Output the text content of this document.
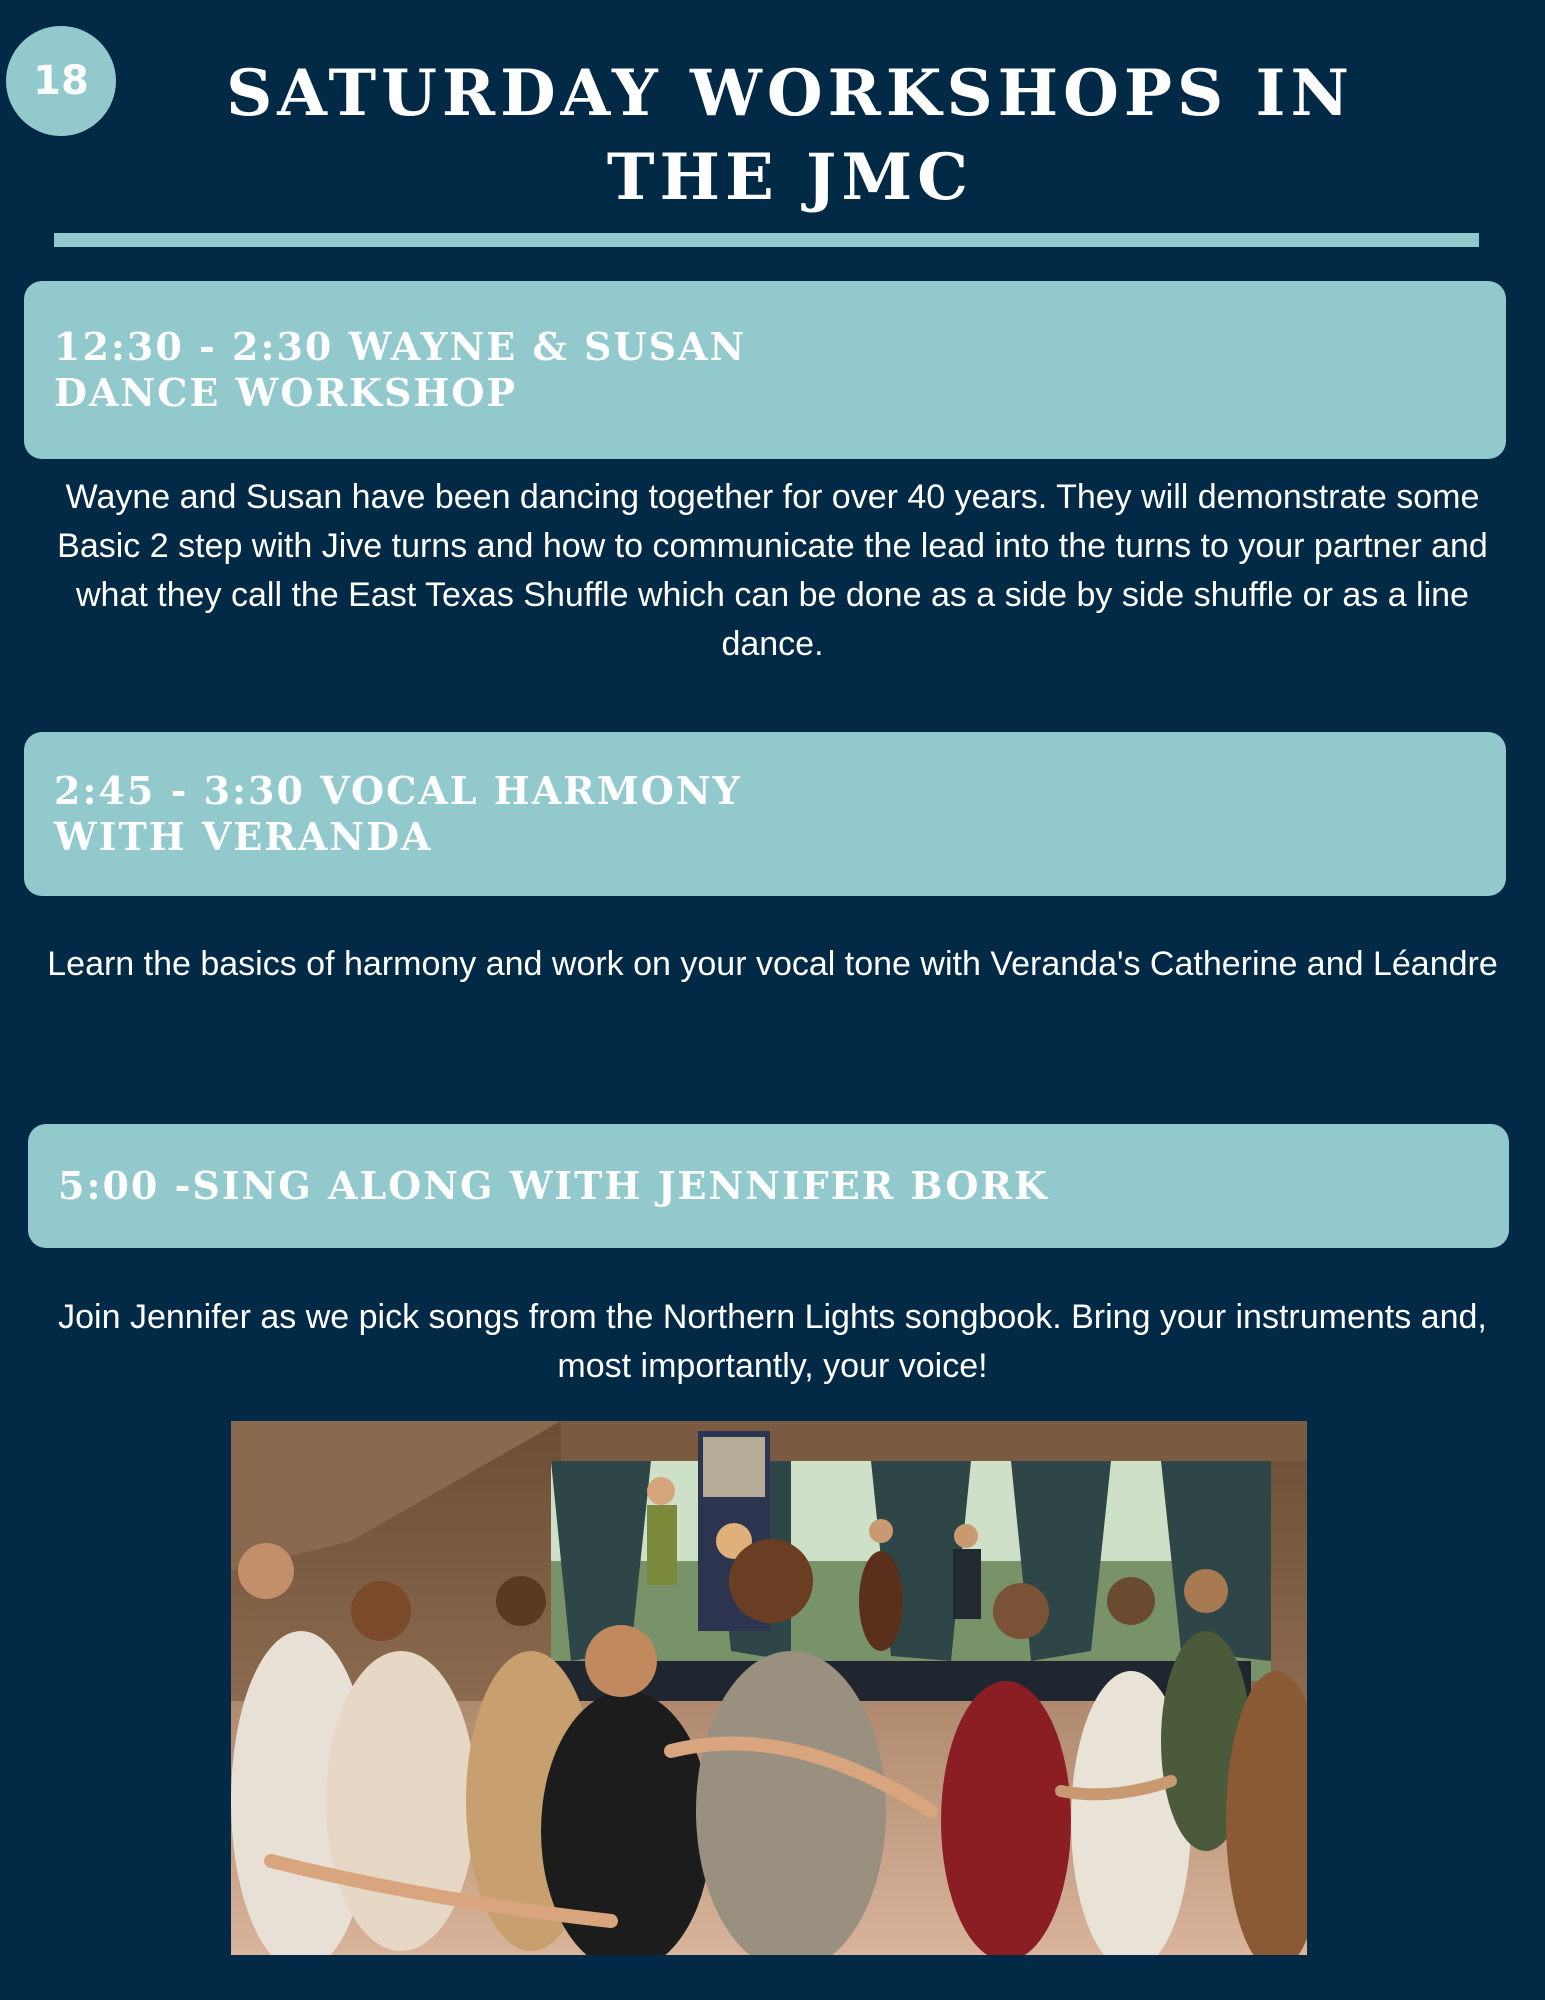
18	SATURDAY WORKSHOPS IN THE JMC

12:30 - 2:30 WAYNE & SUSAN
DANCE WORKSHOP

Wayne and Susan have been dancing together for over 40 years. They will demonstrate some Basic 2 step with Jive turns and how to communicate the lead into the turns to your partner and what they call the East Texas Shuffle which can be done as a side by side shuffle or as a line dance.

2:45 - 3:30 VOCAL HARMONY
WITH VERANDA

Learn the basics of harmony and work on your vocal tone with Veranda's Catherine and Léandre

5:00 -SING ALONG WITH JENNIFER BORK

Join Jennifer as we pick songs from the Northern Lights songbook. Bring your instruments and, most importantly, your voice!
